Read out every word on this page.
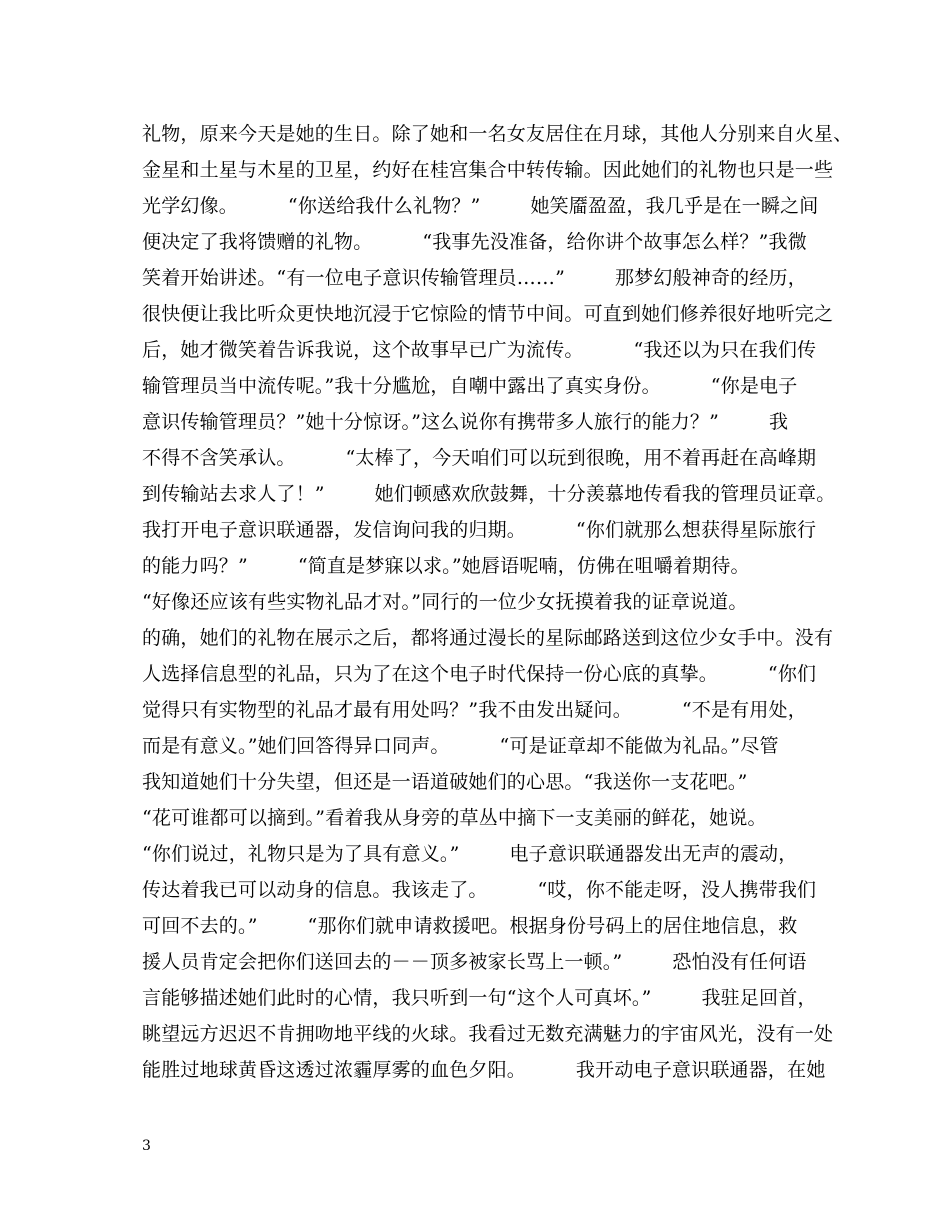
礼物，原来今天是她的生日。除了她和一名女友居住在月球，其他人分别来自火星、
金星和土星与木星的卫星，约好在桂宫集合中转传输。因此她们的礼物也只是一些
光学幻像。        “你送给我什么礼物？”        她笑靥盈盈，我几乎是在一瞬之间
便决定了我将馈赠的礼物。        “我事先没准备，给你讲个故事怎么样？”我微
笑着开始讲述。“有一位电子意识传输管理员……”        那梦幻般神奇的经历，
很快便让我比听众更快地沉浸于它惊险的情节中间。可直到她们修养很好地听完之
后，她才微笑着告诉我说，这个故事早已广为流传。        “我还以为只在我们传
输管理员当中流传呢。”我十分尴尬，自嘲中露出了真实身份。        “你是电子
意识传输管理员？”她十分惊讶。”这么说你有携带多人旅行的能力？”        我
不得不含笑承认。        “太棒了，今天咱们可以玩到很晚，用不着再赶在高峰期
到传输站去求人了！”        她们顿感欢欣鼓舞，十分羡慕地传看我的管理员证章。
我打开电子意识联通器，发信询问我的归期。        “你们就那么想获得星际旅行
的能力吗？”        “简直是梦寐以求。”她唇语呢喃，仿佛在咀嚼着期待。
“好像还应该有些实物礼品才对。”同行的一位少女抚摸着我的证章说道。
的确，她们的礼物在展示之后，都将通过漫长的星际邮路送到这位少女手中。没有
人选择信息型的礼品，只为了在这个电子时代保持一份心底的真挚。        “你们
觉得只有实物型的礼品才最有用处吗？”我不由发出疑问。        “不是有用处，
而是有意义。”她们回答得异口同声。        “可是证章却不能做为礼品。”尽管
我知道她们十分失望，但还是一语道破她们的心思。“我送你一支花吧。”
“花可谁都可以摘到。”看着我从身旁的草丛中摘下一支美丽的鲜花，她说。
“你们说过，礼物只是为了具有意义。”        电子意识联通器发出无声的震动，
传达着我已可以动身的信息。我该走了。        “哎，你不能走呀，没人携带我们
可回不去的。”        “那你们就申请救援吧。根据身份号码上的居住地信息，救
援人员肯定会把你们送回去的－－顶多被家长骂上一顿。”        恐怕没有任何语
言能够描述她们此时的心情，我只听到一句“这个人可真坏。”        我驻足回首，
眺望远方迟迟不肯拥吻地平线的火球。我看过无数充满魅力的宇宙风光，没有一处
能胜过地球黄昏这透过浓霾厚雾的血色夕阳。        我开动电子意识联通器，在她
3
